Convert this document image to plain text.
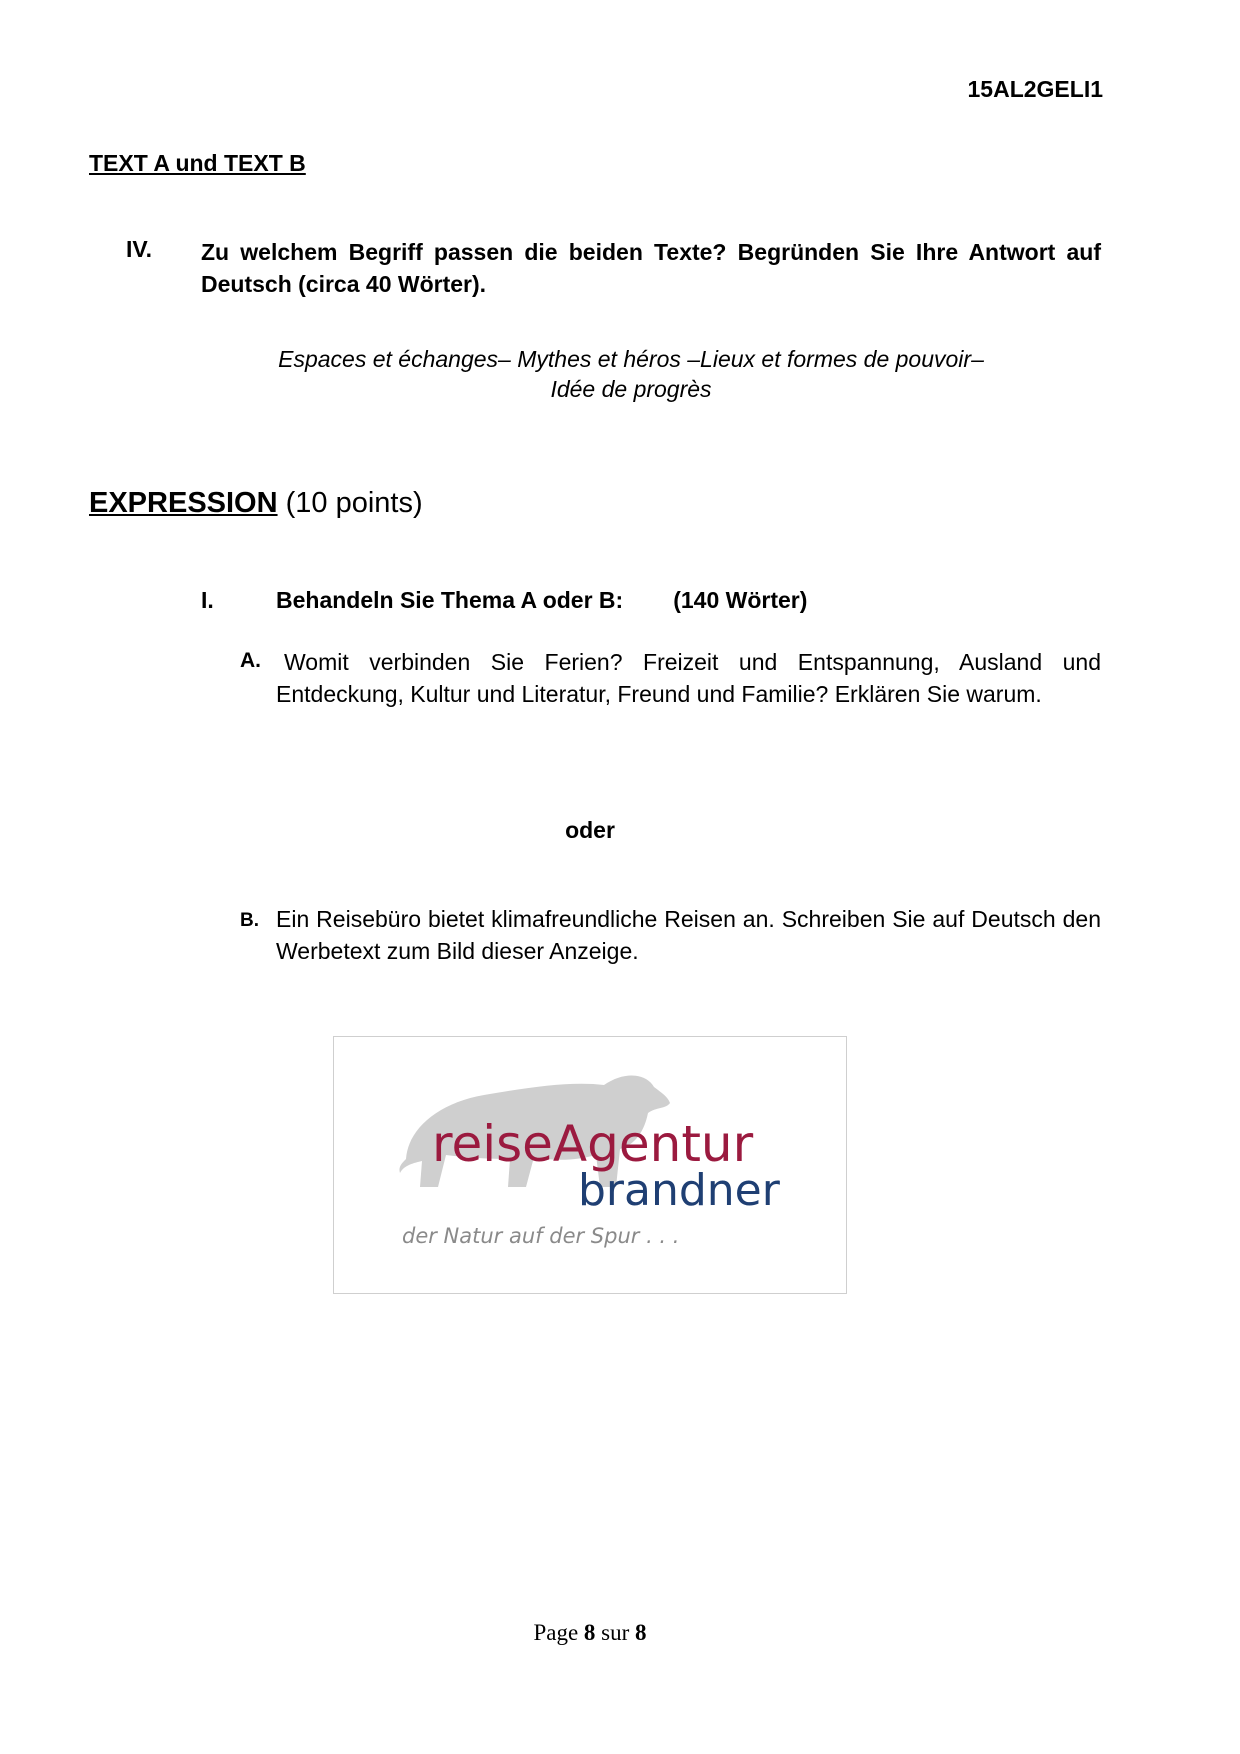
15AL2GELI1
TEXT A und TEXT B
IV. Zu welchem Begriff passen die beiden Texte? Begründen Sie Ihre Antwort auf Deutsch (circa 40 Wörter).
Espaces et échanges– Mythes et héros –Lieux et formes de pouvoir–
Idée de progrès
EXPRESSION (10 points)
I.	Behandeln Sie Thema A oder B: (140 Wörter)
A.	Womit verbinden Sie Ferien? Freizeit und Entspannung, Ausland und Entdeckung, Kultur und Literatur, Freund und Familie? Erklären Sie warum.
oder
B. Ein Reisebüro bietet klimafreundliche Reisen an. Schreiben Sie auf Deutsch den Werbetext zum Bild dieser Anzeige.
reiseAgentur
brandner
der Natur auf der Spur . . .
Page 8 sur 8
